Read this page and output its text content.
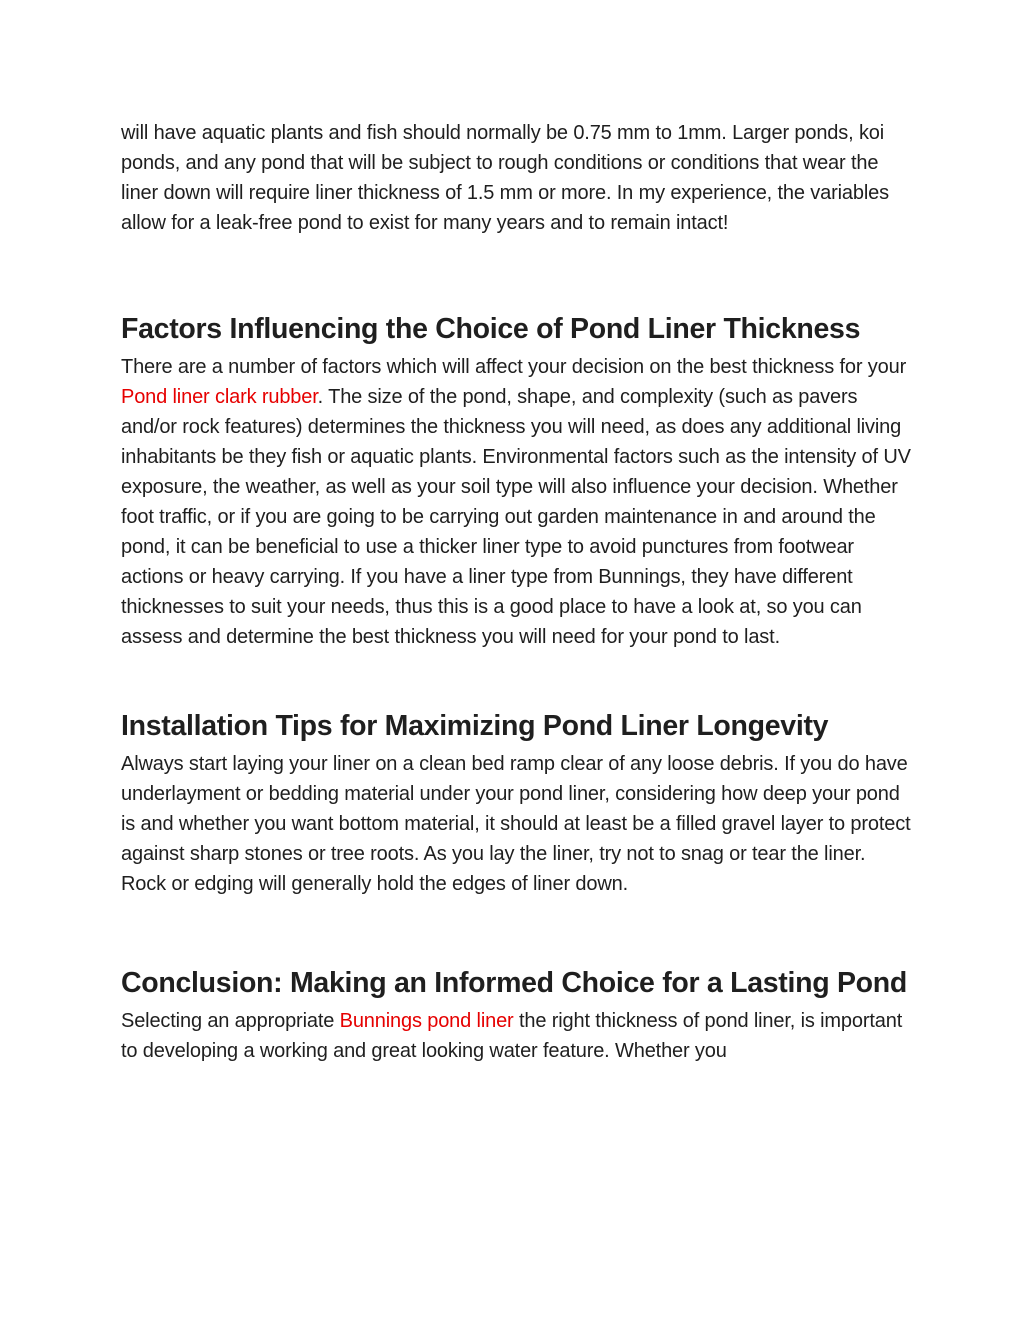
will have aquatic plants and fish should normally be 0.75 mm to 1mm. Larger ponds, koi ponds, and any pond that will be subject to rough conditions or conditions that wear the liner down will require liner thickness of 1.5 mm or more. In my experience, the variables allow for a leak-free pond to exist for many years and to remain intact!

Factors Influencing the Choice of Pond Liner Thickness

There are a number of factors which will affect your decision on the best thickness for your Pond liner clark rubber. The size of the pond, shape, and complexity (such as pavers and/or rock features) determines the thickness you will need, as does any additional living inhabitants be they fish or aquatic plants. Environmental factors such as the intensity of UV exposure, the weather, as well as your soil type will also influence your decision. Whether foot traffic, or if you are going to be carrying out garden maintenance in and around the pond, it can be beneficial to use a thicker liner type to avoid punctures from footwear actions or heavy carrying. If you have a liner type from Bunnings, they have different thicknesses to suit your needs, thus this is a good place to have a look at, so you can assess and determine the best thickness you will need for your pond to last.

Installation Tips for Maximizing Pond Liner Longevity

Always start laying your liner on a clean bed ramp clear of any loose debris. If you do have underlayment or bedding material under your pond liner, considering how deep your pond is and whether you want bottom material, it should at least be a filled gravel layer to protect against sharp stones or tree roots. As you lay the liner, try not to snag or tear the liner. Rock or edging will generally hold the edges of liner down.

Conclusion: Making an Informed Choice for a Lasting Pond

Selecting an appropriate Bunnings pond liner the right thickness of pond liner, is important to developing a working and great looking water feature. Whether you
